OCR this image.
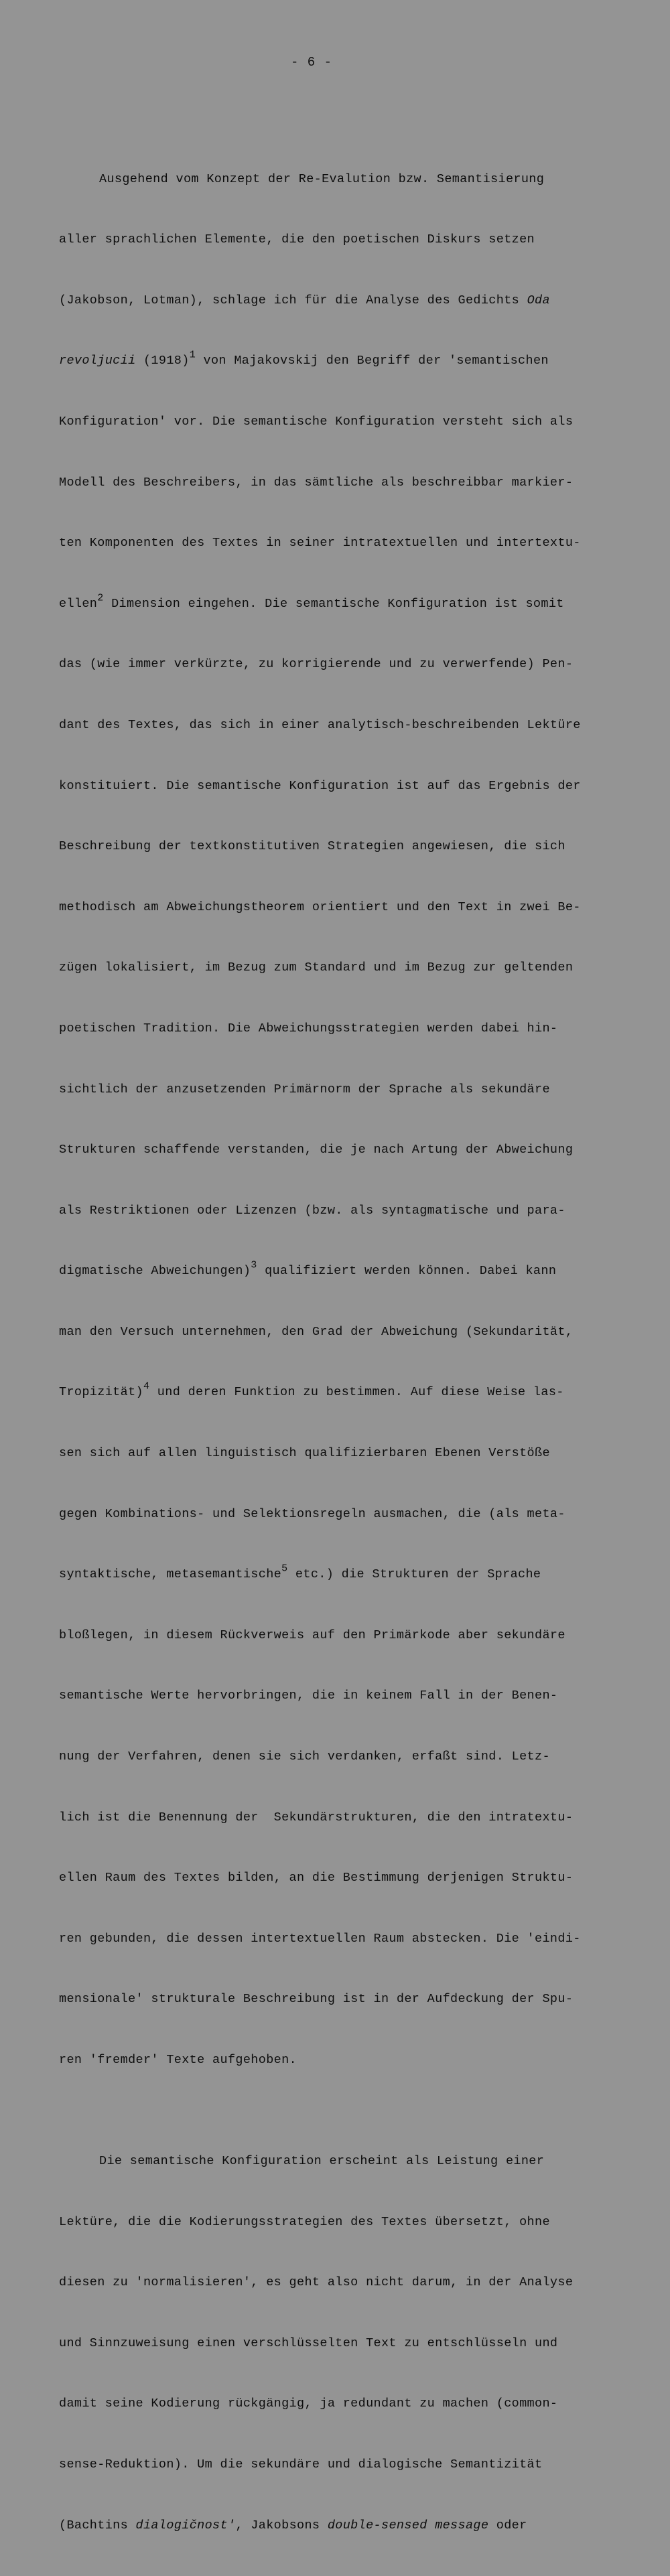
- 6 -

Ausgehend vom Konzept der Re-Evalution bzw. Semantisierung

aller sprachlichen Elemente, die den poetischen Diskurs setzen

(Jakobson, Lotman), schlage ich für die Analyse des Gedichts Oda

revoljucii $(1918)^1$ von Majakovskij den Begriff der 'semantischen

Konfiguration' vor. Die semantische Konfiguration versteht sich als

Modell des Beschreibers, in das sämtliche als beschreibbar markier-

ten Komponenten des Textes in seiner intratextuellen und intertextu-

ellen$^2$ Dimension eingehen. Die semantische Konfiguration ist somit

das (wie immer verkürzte, zu korrigierende und zu verwerfende) Pen-

dant des Textes, das sich in einer analytisch-beschreibenden Lektüre

konstituiert. Die semantische Konfiguration ist auf das Ergebnis der

Beschreibung der textkonstitutiven Strategien angewiesen, die sich

methodisch am Abweichungstheorem orientiert und den Text in zwei Be-

zügen lokalisiert, im Bezug zum Standard und im Bezug zur geltenden

poetischen Tradition. Die Abweichungsstrategien werden dabei hin-

sichtlich der anzusetzenden Primärnorm der Sprache als sekundäre

Strukturen schaffende verstanden, die je nach Artung der Abweichung

als Restriktionen oder Lizenzen (bzw. als syntagmatische und para-

digmatische Abweichungen)$^3$ qualifiziert werden können. Dabei kann

man den Versuch unternehmen, den Grad der Abweichung (Sekundarität,

Tropizität)$^4$ und deren Funktion zu bestimmen. Auf diese Weise las-

sen sich auf allen linguistisch qualifizierbaren Ebenen Verstöße

gegen Kombinations- und Selektionsregeln ausmachen, die (als meta-

syntaktische, metasemantische$^5$ etc.) die Strukturen der Sprache

bloßlegen, in diesem Rückverweis auf den Primärkode aber sekundäre

semantische Werte hervorbringen, die in keinem Fall in der Benen-

nung der Verfahren, denen sie sich verdanken, erfaßt sind. Letz-

lich ist die Benennung der  Sekundärstrukturen, die den intratextu-

ellen Raum des Textes bilden, an die Bestimmung derjenigen Struktu-

ren gebunden, die dessen intertextuellen Raum abstecken. Die 'eindi-

mensionale' strukturale Beschreibung ist in der Aufdeckung der Spu-

ren 'fremder' Texte aufgehoben.

Die semantische Konfiguration erscheint als Leistung einer

Lektüre, die die Kodierungsstrategien des Textes übersetzt, ohne

diesen zu 'normalisieren', es geht also nicht darum, in der Analyse

und Sinnzuweisung einen verschlüsselten Text zu entschlüsseln und

damit seine Kodierung rückgängig, ja redundant zu machen (common-

sense-Reduktion). Um die sekundäre und dialogische Semantizität

(Bachtins dialogičnost', Jakobsons double-sensed message oder
